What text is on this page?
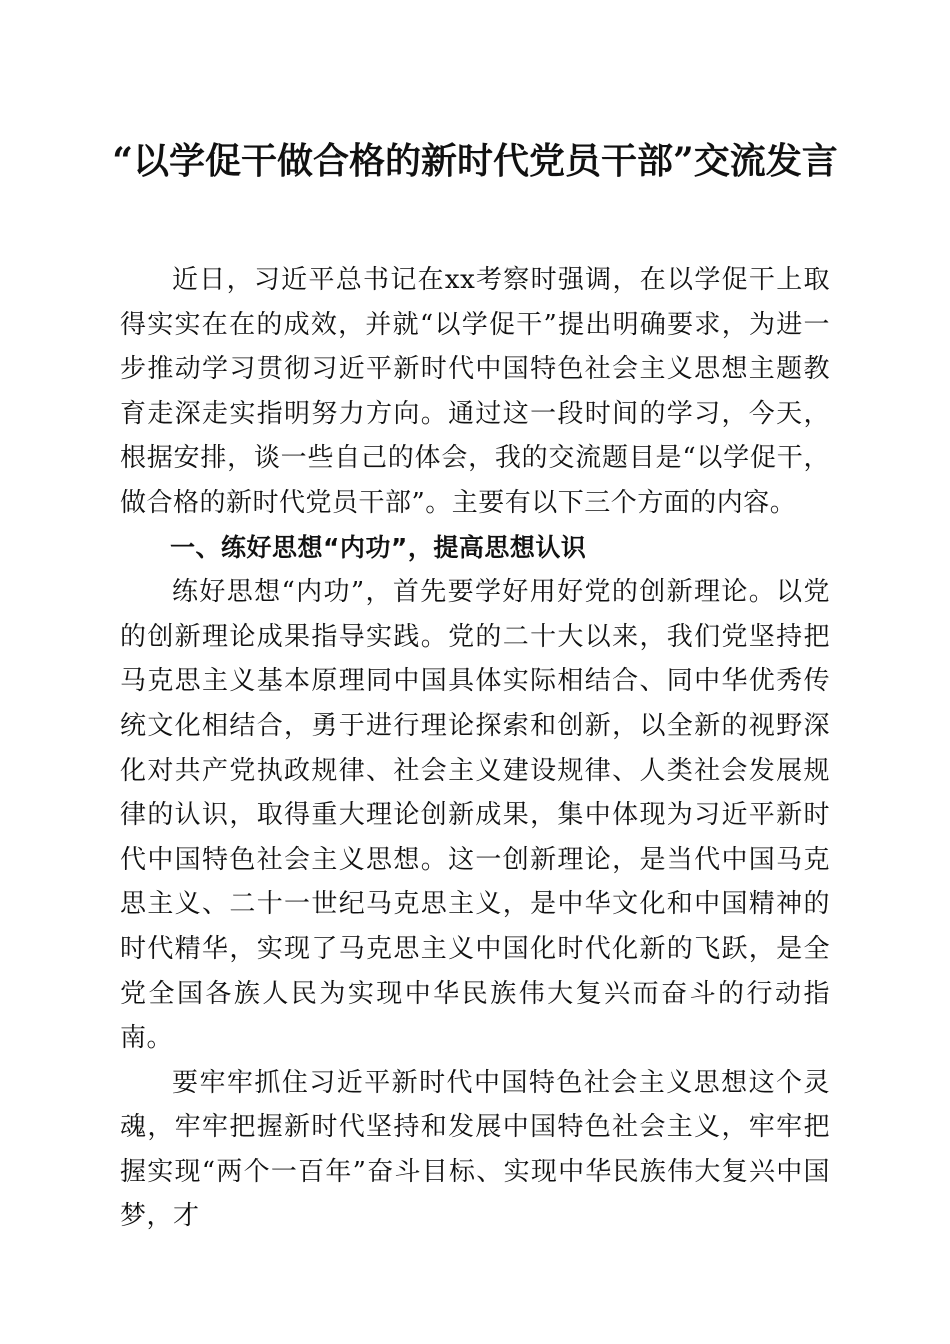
“以学促干做合格的新时代党员干部”交流发言

近日，习近平总书记在xx考察时强调，在以学促干上取得实实在在的成效，并就“以学促干”提出明确要求，为进一步推动学习贯彻习近平新时代中国特色社会主义思想主题教育走深走实指明努力方向。通过这一段时间的学习，今天，根据安排，谈一些自己的体会，我的交流题目是“以学促干，做合格的新时代党员干部”。主要有以下三个方面的内容。

一、练好思想“内功”，提高思想认识

练好思想“内功”，首先要学好用好党的创新理论。以党的创新理论成果指导实践。党的二十大以来，我们党坚持把马克思主义基本原理同中国具体实际相结合、同中华优秀传统文化相结合，勇于进行理论探索和创新，以全新的视野深化对共产党执政规律、社会主义建设规律、人类社会发展规律的认识，取得重大理论创新成果，集中体现为习近平新时代中国特色社会主义思想。这一创新理论，是当代中国马克思主义、二十一世纪马克思主义，是中华文化和中国精神的时代精华，实现了马克思主义中国化时代化新的飞跃，是全党全国各族人民为实现中华民族伟大复兴而奋斗的行动指南。

要牢牢抓住习近平新时代中国特色社会主义思想这个灵魂，牢牢把握新时代坚持和发展中国特色社会主义，牢牢把握实现“两个一百年”奋斗目标、实现中华民族伟大复兴中国梦，才
